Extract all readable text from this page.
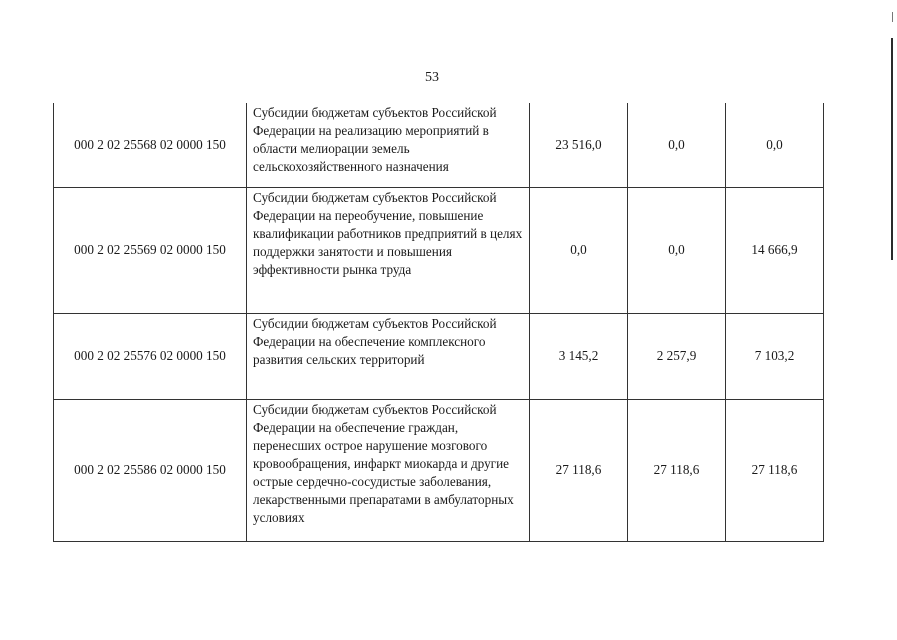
53
000 2 02 25568 02 0000 150	Субсидии бюджетам субъектов Российской Федерации на реализацию мероприятий в области мелиорации земель сельскохозяйственного назначения	23 516,0	0,0	0,0
000 2 02 25569 02 0000 150	Субсидии бюджетам субъектов Российской Федерации на переобучение, повышение квалификации работников предприятий в целях поддержки занятости и повышения эффективности рынка труда	0,0	0,0	14 666,9
000 2 02 25576 02 0000 150	Субсидии бюджетам субъектов Российской Федерации на обеспечение комплексного развития сельских территорий	3 145,2	2 257,9	7 103,2
000 2 02 25586 02 0000 150	Субсидии бюджетам субъектов Российской Федерации на обеспечение граждан, перенесших острое нарушение мозгового кровообращения, инфаркт миокарда и другие острые сердечно-сосудистые заболевания, лекарственными препаратами в амбулаторных условиях	27 118,6	27 118,6	27 118,6
